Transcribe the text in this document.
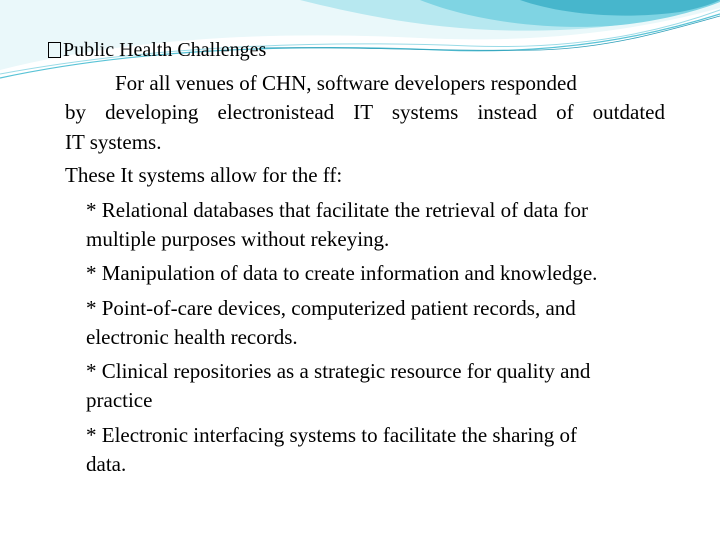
Public Health Challenges
For all venues of CHN, software developers responded
by developing electronistead IT systems instead of outdated
IT systems.
These It systems allow for the ff:
* Relational databases that facilitate the retrieval of data for
multiple purposes without rekeying.
* Manipulation of data to create information and knowledge.
* Point-of-care devices, computerized patient records, and
electronic health records.
* Clinical repositories as a strategic resource for quality and
practice
* Electronic interfacing systems to facilitate the sharing of
data.
